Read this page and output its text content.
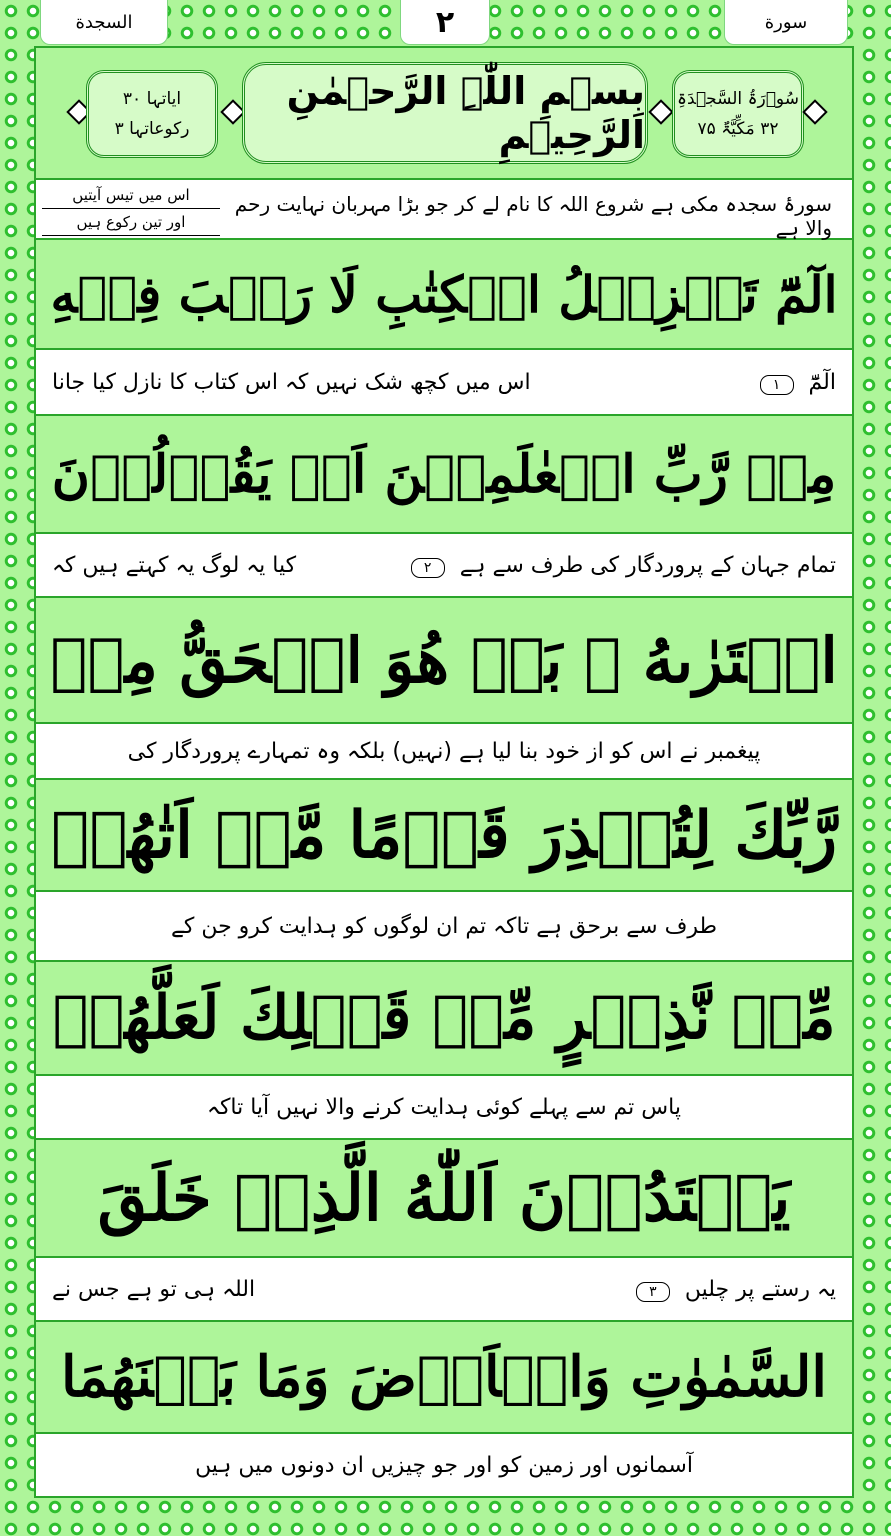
السجدة	۲	سورة
ایاتہا ۳۰
رکوعاتہا ۳
بِسۡمِ اللّٰہِ الرَّحۡمٰنِ الرَّحِیۡمِ
سُوۡرَۃُ السَّجۡدَۃِ
۳۲ مَکِّیَّۃٌ ۷۵
سورۂ سجدہ مکی ہے شروع اللہ کا نام لے کر جو بڑا مہربان نہایت رحم والا ہے
اس میں تیس آیتیں
اور تین رکوع ہیں
الٓمّٓ تَنۡزِیۡلُ الۡکِتٰبِ لَا رَیۡبَ فِیۡهِ
الٓمّٓ ۱
اس میں کچھ شک نہیں کہ اس کتاب کا نازل کیا جانا
مِنۡ رَّبِّ الۡعٰلَمِیۡنَ اَمۡ یَقُوۡلُوۡنَ
تمام جہان کے پروردگار کی طرف سے ہے ۲
کیا یہ لوگ یہ کہتے ہیں کہ
افۡتَرٰىهُ ۚ بَلۡ هُوَ الۡحَقُّ مِنۡ
پیغمبر نے اس کو از خود بنا لیا ہے (نہیں) بلکہ وہ تمہارے پروردگار کی
رَّبِّكَ لِتُنۡذِرَ قَوۡمًا مَّاۤ اَتٰهُمۡ
طرف سے برحق ہے تاکہ تم ان لوگوں کو ہدایت کرو جن کے
مِّنۡ نَّذِیۡرٍ مِّنۡ قَبۡلِكَ لَعَلَّهُمۡ
پاس تم سے پہلے کوئی ہدایت کرنے والا نہیں آیا تاکہ
یَهۡتَدُوۡنَ اَللّٰهُ الَّذِیۡ خَلَقَ
یہ رستے پر چلیں ۳
اللہ ہی تو ہے جس نے
السَّمٰوٰتِ وَالۡاَرۡضَ وَمَا بَیۡنَهُمَا
آسمانوں اور زمین کو اور جو چیزیں ان دونوں میں ہیں
